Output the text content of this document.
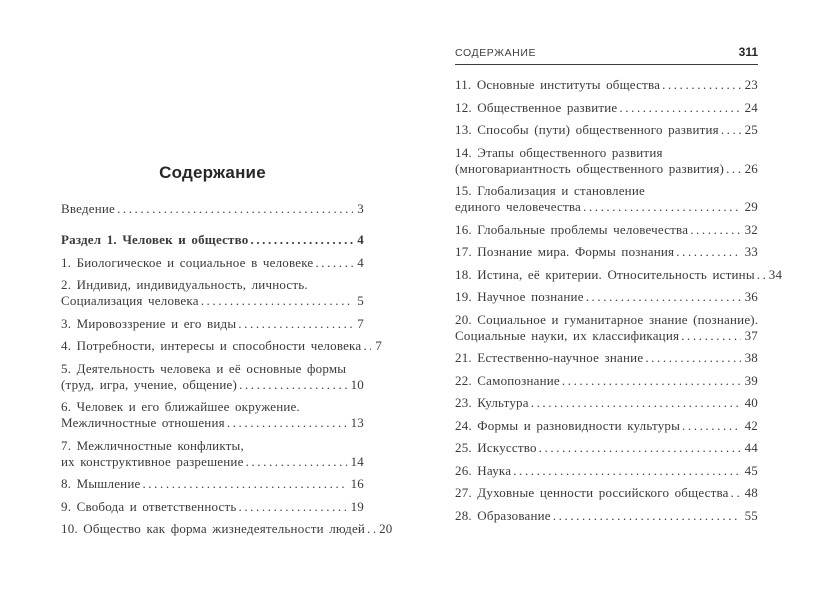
Содержание
Введение .....	3
Раздел 1. Человек и общество .....	4
1. Биологическое и социальное в человеке .....	4
2. Индивид, индивидуальность, личность.
Социализация человека .....	5
3. Мировоззрение и его виды .....	7
4. Потребности, интересы и способности человека ..... 7
5. Деятельность человека и её основные формы
(труд, игра, учение, общение) .....	10
6. Человек и его ближайшее окружение.
Межличностные отношения .....	13
7. Межличностные конфликты,
их конструктивное разрешение .....	14
8. Мышление .....	16
9. Свобода и ответственность .....	19
10. Общество как форма жизнедеятельности людей ..... 20
СОДЕРЖАНИЕ	311
11. Основные институты общества .....	23
12. Общественное развитие .....	24
13. Способы (пути) общественного развития ..... 25
14. Этапы общественного развития
(многовариантность общественного развития) ..... 26
15. Глобализация и становление
единого человечества .....	29
16. Глобальные проблемы человечества .....	32
17. Познание мира. Формы познания .....	33
18. Истина, её критерии. Относительность истины ..... 34
19. Научное познание .....	36
20. Социальное и гуманитарное знание (познание).
Социальные науки, их классификация .....	37
21. Естественно-научное знание .....	38
22. Самопознание .....	39
23. Культура .....	40
24. Формы и разновидности культуры .....	42
25. Искусство .....	44
26. Наука .....	45
27. Духовные ценности российского общества ..... 48
28. Образование .....	55
